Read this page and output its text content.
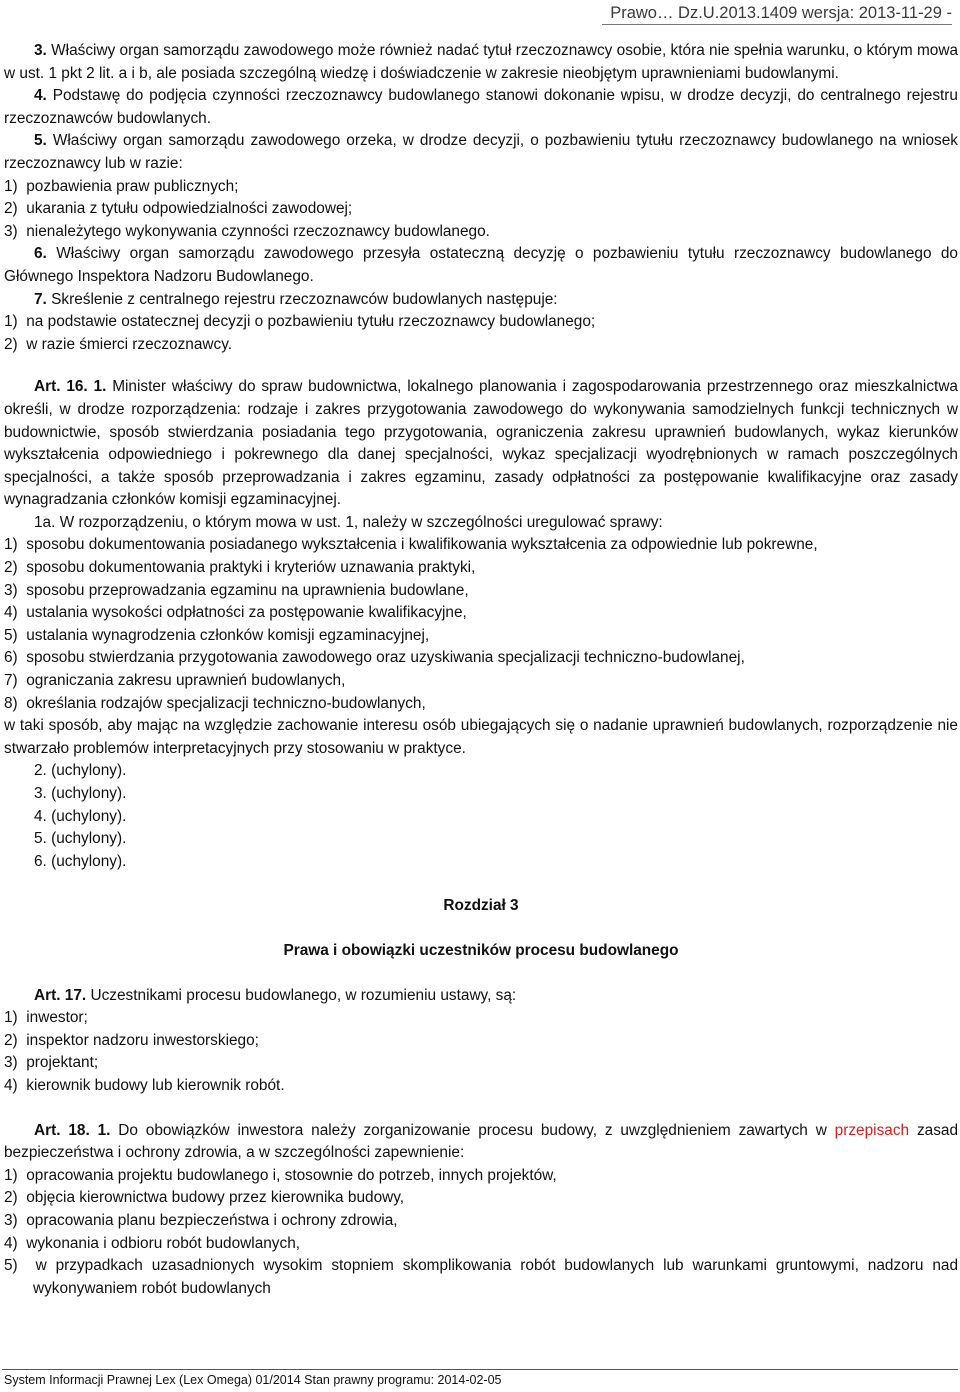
Prawo… Dz.U.2013.1409 wersja: 2013-11-29 -

3. Właściwy organ samorządu zawodowego może również nadać tytuł rzeczoznawcy osobie, która nie spełnia warunku, o którym mowa w ust. 1 pkt 2 lit. a i b, ale posiada szczególną wiedzę i doświadczenie w zakresie nieobjętym uprawnieniami budowlanymi.

4. Podstawę do podjęcia czynności rzeczoznawcy budowlanego stanowi dokonanie wpisu, w drodze decyzji, do centralnego rejestru rzeczoznawców budowlanych.

5. Właściwy organ samorządu zawodowego orzeka, w drodze decyzji, o pozbawieniu tytułu rzeczoznawcy budowlanego na wniosek rzeczoznawcy lub w razie:

1) pozbawienia praw publicznych;

2) ukarania z tytułu odpowiedzialności zawodowej;

3) nienależytego wykonywania czynności rzeczoznawcy budowlanego.

6. Właściwy organ samorządu zawodowego przesyła ostateczną decyzję o pozbawieniu tytułu rzeczoznawcy budowlanego do Głównego Inspektora Nadzoru Budowlanego.

7. Skreślenie z centralnego rejestru rzeczoznawców budowlanych następuje:

1) na podstawie ostatecznej decyzji o pozbawieniu tytułu rzeczoznawcy budowlanego;

2) w razie śmierci rzeczoznawcy.

Art. 16. 1. Minister właściwy do spraw budownictwa, lokalnego planowania i zagospodarowania przestrzennego oraz mieszkalnictwa określi, w drodze rozporządzenia: rodzaje i zakres przygotowania zawodowego do wykonywania samodzielnych funkcji technicznych w budownictwie, sposób stwierdzania posiadania tego przygotowania, ograniczenia zakresu uprawnień budowlanych, wykaz kierunków wykształcenia odpowiedniego i pokrewnego dla danej specjalności, wykaz specjalizacji wyodrębnionych w ramach poszczególnych specjalności, a także sposób przeprowadzania i zakres egzaminu, zasady odpłatności za postępowanie kwalifikacyjne oraz zasady wynagradzania członków komisji egzaminacyjnej.

1a. W rozporządzeniu, o którym mowa w ust. 1, należy w szczególności uregulować sprawy:

1) sposobu dokumentowania posiadanego wykształcenia i kwalifikowania wykształcenia za odpowiednie lub pokrewne,

2) sposobu dokumentowania praktyki i kryteriów uznawania praktyki,

3) sposobu przeprowadzania egzaminu na uprawnienia budowlane,

4) ustalania wysokości odpłatności za postępowanie kwalifikacyjne,

5) ustalania wynagrodzenia członków komisji egzaminacyjnej,

6) sposobu stwierdzania przygotowania zawodowego oraz uzyskiwania specjalizacji techniczno-budowlanej,

7) ograniczania zakresu uprawnień budowlanych,

8) określania rodzajów specjalizacji techniczno-budowlanych,

w taki sposób, aby mając na względzie zachowanie interesu osób ubiegających się o nadanie uprawnień budowlanych, rozporządzenie nie stwarzało problemów interpretacyjnych przy stosowaniu w praktyce.

2. (uchylony).

3. (uchylony).

4. (uchylony).

5. (uchylony).

6. (uchylony).

Rozdział 3

Prawa i obowiązki uczestników procesu budowlanego

Art. 17. Uczestnikami procesu budowlanego, w rozumieniu ustawy, są:

1) inwestor;

2) inspektor nadzoru inwestorskiego;

3) projektant;

4) kierownik budowy lub kierownik robót.

Art. 18. 1. Do obowiązków inwestora należy zorganizowanie procesu budowy, z uwzględnieniem zawartych w przepisach zasad bezpieczeństwa i ochrony zdrowia, a w szczególności zapewnienie:

1) opracowania projektu budowlanego i, stosownie do potrzeb, innych projektów,

2) objęcia kierownictwa budowy przez kierownika budowy,

3) opracowania planu bezpieczeństwa i ochrony zdrowia,

4) wykonania i odbioru robót budowlanych,

5) w przypadkach uzasadnionych wysokim stopniem skomplikowania robót budowlanych lub warunkami gruntowymi, nadzoru nad wykonywaniem robót budowlanych

System Informacji Prawnej Lex (Lex Omega) 01/2014 Stan prawny programu: 2014-02-05
